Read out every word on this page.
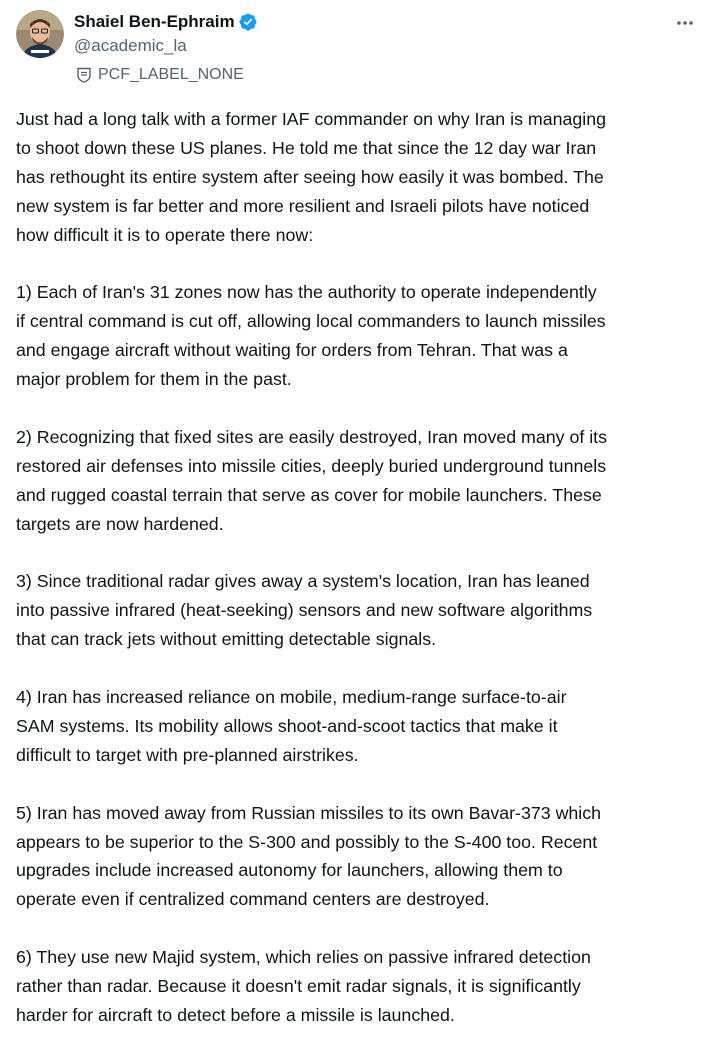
Shaiel Ben-Ephraim
@academic_la
PCF_LABEL_NONE

Just had a long talk with a former IAF commander on why Iran is managing
to shoot down these US planes. He told me that since the 12 day war Iran
has rethought its entire system after seeing how easily it was bombed. The
new system is far better and more resilient and Israeli pilots have noticed
how difficult it is to operate there now:

1) Each of Iran's 31 zones now has the authority to operate independently
if central command is cut off, allowing local commanders to launch missiles
and engage aircraft without waiting for orders from Tehran. That was a
major problem for them in the past.

2) Recognizing that fixed sites are easily destroyed, Iran moved many of its
restored air defenses into missile cities, deeply buried underground tunnels
and rugged coastal terrain that serve as cover for mobile launchers. These
targets are now hardened.

3) Since traditional radar gives away a system's location, Iran has leaned
into passive infrared (heat-seeking) sensors and new software algorithms
that can track jets without emitting detectable signals.

4) Iran has increased reliance on mobile, medium-range surface-to-air
SAM systems. Its mobility allows shoot-and-scoot tactics that make it
difficult to target with pre-planned airstrikes.

5) Iran has moved away from Russian missiles to its own Bavar-373 which
appears to be superior to the S-300 and possibly to the S-400 too. Recent
upgrades include increased autonomy for launchers, allowing them to
operate even if centralized command centers are destroyed.

6) They use new Majid system, which relies on passive infrared detection
rather than radar. Because it doesn't emit radar signals, it is significantly
harder for aircraft to detect before a missile is launched.
